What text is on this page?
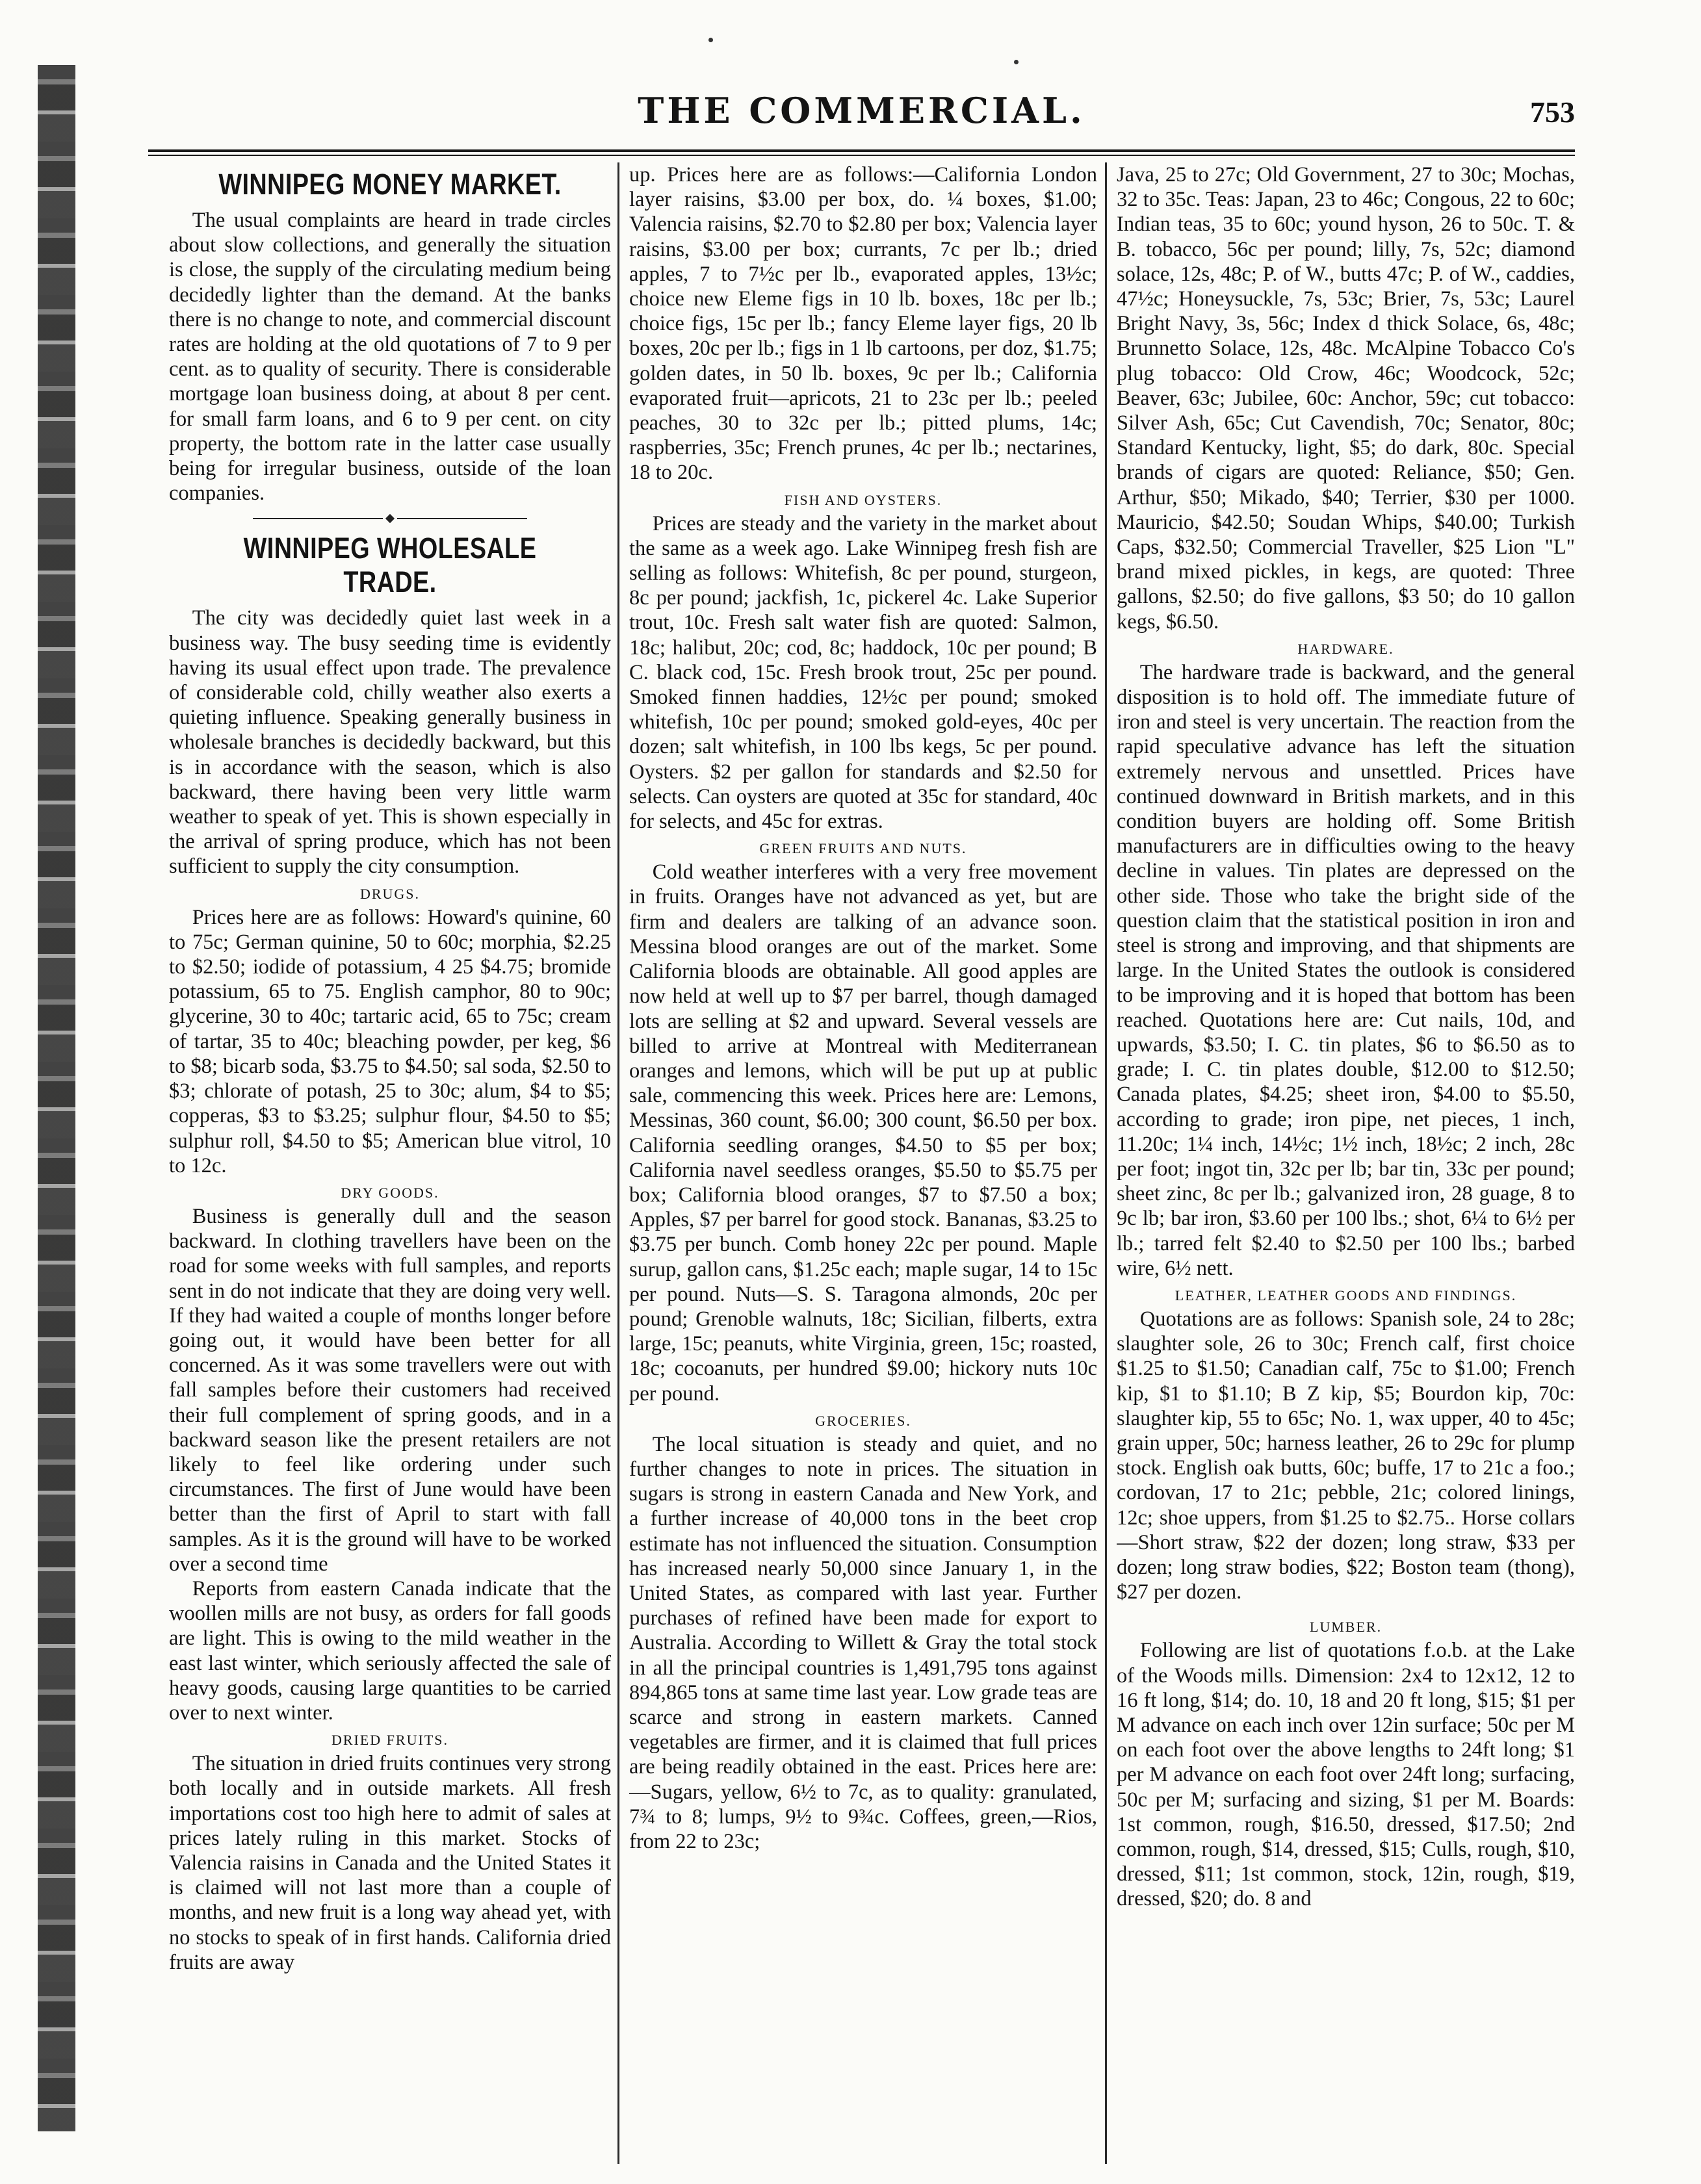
THE COMMERCIAL.	753
WINNIPEG MONEY MARKET.

The usual complaints are heard in trade circles about slow collections, and generally the situation is close, the supply of the circulating medium being decidedly lighter than the demand. At the banks there is no change to note, and commercial discount rates are holding at the old quotations of 7 to 9 per cent. as to quality of security. There is considerable mortgage loan business doing, at about 8 per cent. for small farm loans, and 6 to 9 per cent. on city property, the bottom rate in the latter case usually being for irregular business, outside of the loan companies.

WINNIPEG WHOLESALE TRADE.

The city was decidedly quiet last week in a business way. The busy seeding time is evidently having its usual effect upon trade. The prevalence of considerable cold, chilly weather also exerts a quieting influence. Speaking generally business in wholesale branches is decidedly backward, but this is in accordance with the season, which is also backward, there having been very little warm weather to speak of yet. This is shown especially in the arrival of spring produce, which has not been sufficient to supply the city consumption.

DRUGS.

Prices here are as follows: Howard's quinine, 60 to 75c; German quinine, 50 to 60c; morphia, $2.25 to $2.50; iodide of potassium, 4 25 $4.75; bromide potassium, 65 to 75. English camphor, 80 to 90c; glycerine, 30 to 40c; tartaric acid, 65 to 75c; cream of tartar, 35 to 40c; bleaching powder, per keg, $6 to $8; bicarb soda, $3.75 to $4.50; sal soda, $2.50 to $3; chlorate of potash, 25 to 30c; alum, $4 to $5; copperas, $3 to $3.25; sulphur flour, $4.50 to $5; sulphur roll, $4.50 to $5; American blue vitrol, 10 to 12c.

DRY GOODS.

Business is generally dull and the season backward. In clothing travellers have been on the road for some weeks with full samples, and reports sent in do not indicate that they are doing very well. If they had waited a couple of months longer before going out, it would have been better for all concerned. As it was some travellers were out with fall samples before their customers had received their full complement of spring goods, and in a backward season like the present retailers are not likely to feel like ordering under such circumstances. The first of June would have been better than the first of April to start with fall samples. As it is the ground will have to be worked over a second time

Reports from eastern Canada indicate that the woollen mills are not busy, as orders for fall goods are light. This is owing to the mild weather in the east last winter, which seriously affected the sale of heavy goods, causing large quantities to be carried over to next winter.

DRIED FRUITS.

The situation in dried fruits continues very strong both locally and in outside markets. All fresh importations cost too high here to admit of sales at prices lately ruling in this market. Stocks of Valencia raisins in Canada and the United States it is claimed will not last more than a couple of months, and new fruit is a long way ahead yet, with no stocks to speak of in first hands. California dried fruits are away

up. Prices here are as follows:—California London layer raisins, $3.00 per box, do. ¼ boxes, $1.00; Valencia raisins, $2.70 to $2.80 per box; Valencia layer raisins, $3.00 per box; currants, 7c per lb.; dried apples, 7 to 7½c per lb., evaporated apples, 13½c; choice new Eleme figs in 10 lb. boxes, 18c per lb.; choice figs, 15c per lb.; fancy Eleme layer figs, 20 lb boxes, 20c per lb.; figs in 1 lb cartoons, per doz, $1.75; golden dates, in 50 lb. boxes, 9c per lb.; California evaporated fruit—apricots, 21 to 23c per lb.; peeled peaches, 30 to 32c per lb.; pitted plums, 14c; raspberries, 35c; French prunes, 4c per lb.; nectarines, 18 to 20c.

FISH AND OYSTERS.

Prices are steady and the variety in the market about the same as a week ago. Lake Winnipeg fresh fish are selling as follows: Whitefish, 8c per pound, sturgeon, 8c per pound; jackfish, 1c, pickerel 4c. Lake Superior trout, 10c. Fresh salt water fish are quoted: Salmon, 18c; halibut, 20c; cod, 8c; haddock, 10c per pound; B C. black cod, 15c. Fresh brook trout, 25c per pound. Smoked finnen haddies, 12½c per pound; smoked whitefish, 10c per pound; smoked gold-eyes, 40c per dozen; salt whitefish, in 100 lbs kegs, 5c per pound. Oysters. $2 per gallon for standards and $2.50 for selects. Can oysters are quoted at 35c for standard, 40c for selects, and 45c for extras.

GREEN FRUITS AND NUTS.

Cold weather interferes with a very free movement in fruits. Oranges have not advanced as yet, but are firm and dealers are talking of an advance soon. Messina blood oranges are out of the market. Some California bloods are obtainable. All good apples are now held at well up to $7 per barrel, though damaged lots are selling at $2 and upward. Several vessels are billed to arrive at Montreal with Mediterranean oranges and lemons, which will be put up at public sale, commencing this week. Prices here are: Lemons, Messinas, 360 count, $6.00; 300 count, $6.50 per box. California seedling oranges, $4.50 to $5 per box; California navel seedless oranges, $5.50 to $5.75 per box; California blood oranges, $7 to $7.50 a box; Apples, $7 per barrel for good stock. Bananas, $3.25 to $3.75 per bunch. Comb honey 22c per pound. Maple surup, gallon cans, $1.25c each; maple sugar, 14 to 15c per pound. Nuts—S. S. Taragona almonds, 20c per pound; Grenoble walnuts, 18c; Sicilian, filberts, extra large, 15c; peanuts, white Virginia, green, 15c; roasted, 18c; cocoanuts, per hundred $9.00; hickory nuts 10c per pound.

GROCERIES.

The local situation is steady and quiet, and no further changes to note in prices. The situation in sugars is strong in eastern Canada and New York, and a further increase of 40,000 tons in the beet crop estimate has not influenced the situation. Consumption has increased nearly 50,000 since January 1, in the United States, as compared with last year. Further purchases of refined have been made for export to Australia. According to Willett & Gray the total stock in all the principal countries is 1,491,795 tons against 894,865 tons at same time last year. Low grade teas are scarce and strong in eastern markets. Canned vegetables are firmer, and it is claimed that full prices are being readily obtained in the east. Prices here are:—Sugars, yellow, 6½ to 7c, as to quality: granulated, 7¾ to 8; lumps, 9½ to 9¾c. Coffees, green,—Rios, from 22 to 23c;

Java, 25 to 27c; Old Government, 27 to 30c; Mochas, 32 to 35c. Teas: Japan, 23 to 46c; Congous, 22 to 60c; Indian teas, 35 to 60c; yound hyson, 26 to 50c. T. & B. tobacco, 56c per pound; lilly, 7s, 52c; diamond solace, 12s, 48c; P. of W., butts 47c; P. of W., caddies, 47½c; Honeysuckle, 7s, 53c; Brier, 7s, 53c; Laurel Bright Navy, 3s, 56c; Index d thick Solace, 6s, 48c; Brunnetto Solace, 12s, 48c. McAlpine Tobacco Co's plug tobacco: Old Crow, 46c; Woodcock, 52c; Beaver, 63c; Jubilee, 60c: Anchor, 59c; cut tobacco: Silver Ash, 65c; Cut Cavendish, 70c; Senator, 80c; Standard Kentucky, light, $5; do dark, 80c. Special brands of cigars are quoted: Reliance, $50; Gen. Arthur, $50; Mikado, $40; Terrier, $30 per 1000. Mauricio, $42.50; Soudan Whips, $40.00; Turkish Caps, $32.50; Commercial Traveller, $25 Lion "L" brand mixed pickles, in kegs, are quoted: Three gallons, $2.50; do five gallons, $3 50; do 10 gallon kegs, $6.50.

HARDWARE.

The hardware trade is backward, and the general disposition is to hold off. The immediate future of iron and steel is very uncertain. The reaction from the rapid speculative advance has left the situation extremely nervous and unsettled. Prices have continued downward in British markets, and in this condition buyers are holding off. Some British manufacturers are in difficulties owing to the heavy decline in values. Tin plates are depressed on the other side. Those who take the bright side of the question claim that the statistical position in iron and steel is strong and improving, and that shipments are large. In the United States the outlook is considered to be improving and it is hoped that bottom has been reached. Quotations here are: Cut nails, 10d, and upwards, $3.50; I. C. tin plates, $6 to $6.50 as to grade; I. C. tin plates double, $12.00 to $12.50; Canada plates, $4.25; sheet iron, $4.00 to $5.50, according to grade; iron pipe, net pieces, 1 inch, 11.20c; 1¼ inch, 14½c; 1½ inch, 18½c; 2 inch, 28c per foot; ingot tin, 32c per lb; bar tin, 33c per pound; sheet zinc, 8c per lb.; galvanized iron, 28 guage, 8 to 9c lb; bar iron, $3.60 per 100 lbs.; shot, 6¼ to 6½ per lb.; tarred felt $2.40 to $2.50 per 100 lbs.; barbed wire, 6½ nett.

LEATHER, LEATHER GOODS AND FINDINGS.

Quotations are as follows: Spanish sole, 24 to 28c; slaughter sole, 26 to 30c; French calf, first choice $1.25 to $1.50; Canadian calf, 75c to $1.00; French kip, $1 to $1.10; B Z kip, $5; Bourdon kip, 70c: slaughter kip, 55 to 65c; No. 1, wax upper, 40 to 45c; grain upper, 50c; harness leather, 26 to 29c for plump stock. English oak butts, 60c; buffe, 17 to 21c a foo.; cordovan, 17 to 21c; pebble, 21c; colored linings, 12c; shoe uppers, from $1.25 to $2.75.. Horse collars—Short straw, $22 der dozen; long straw, $33 per dozen; long straw bodies, $22; Boston team (thong), $27 per dozen.

LUMBER.

Following are list of quotations f.o.b. at the Lake of the Woods mills. Dimension: 2x4 to 12x12, 12 to 16 ft long, $14; do. 10, 18 and 20 ft long, $15; $1 per M advance on each inch over 12in surface; 50c per M on each foot over the above lengths to 24ft long; $1 per M advance on each foot over 24ft long; surfacing, 50c per M; surfacing and sizing, $1 per M. Boards: 1st common, rough, $16.50, dressed, $17.50; 2nd common, rough, $14, dressed, $15; Culls, rough, $10, dressed, $11; 1st common, stock, 12in, rough, $19, dressed, $20; do. 8 and
